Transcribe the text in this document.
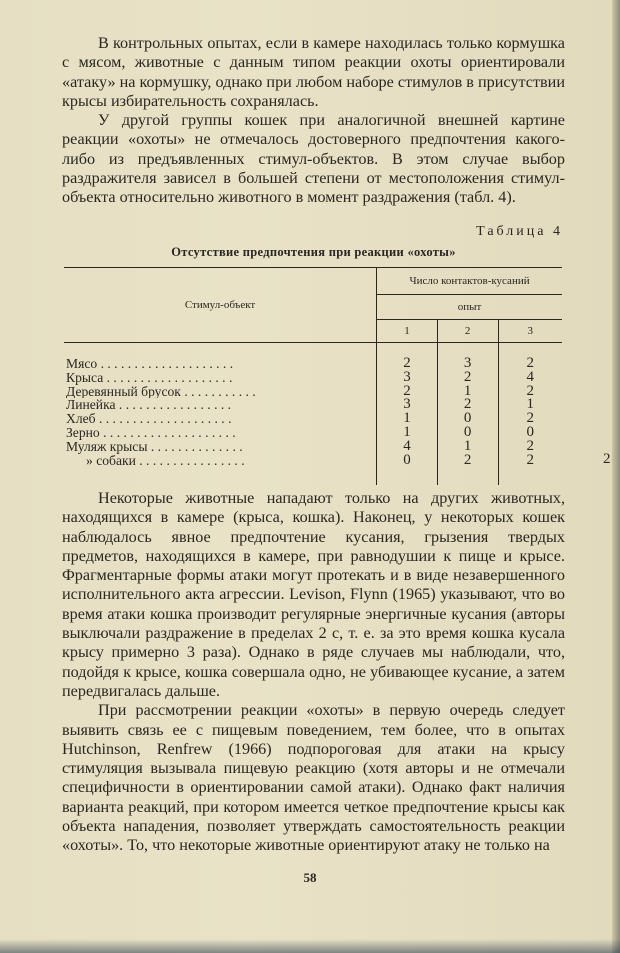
В контрольных опытах, если в камере находилась только кормушка с мясом, животные с данным типом реакции охоты ориентировали «атаку» на кормушку, однако при любом наборе стимулов в присутствии крысы избирательность сохранялась.

У другой группы кошек при аналогичной внешней картине реакции «охоты» не отмечалось достоверного предпочтения какого-либо из предъявленных стимул-объектов. В этом случае выбор раздражителя зависел в большей степени от местоположения стимул-объекта относительно животного в момент раздражения (табл. 4).

Таблица 4
Отсутствие предпочтения при реакции «охоты»
Стимул-объект	Число контактов-кусаний		
	опыт		
	1	2	3

Мясо . . . . . . . . . . . . . . . . . . . .	2	3	2
Крыса . . . . . . . . . . . . . . . . . . .	3	2	4
Деревянный брусок . . . . . . . . . . .	2	1	2
Линейка . . . . . . . . . . . . . . . . .	3	2	1
Хлеб . . . . . . . . . . . . . . . . . . . .	1	0	2
Зерно . . . . . . . . . . . . . . . . . . . .	1	0	0
Муляж крысы . . . . . . . . . . . . . .	4	1	2
» собаки . . . . . . . . . . . . . . . .	0	2	2

Некоторые животные нападают только на других животных, находящихся в камере (крыса, кошка). Наконец, у некоторых кошек наблюдалось явное предпочтение кусания, грызения твердых предметов, находящихся в камере, при равнодушии к пище и крысе. Фрагментарные формы атаки могут протекать и в виде незавершенного исполнительного акта агрессии. Levison, Flynn (1965) указывают, что во время атаки кошка производит регулярные энергичные кусания (авторы выключали раздражение в пределах 2 с, т. е. за это время кошка кусала крысу примерно 3 раза). Однако в ряде случаев мы наблюдали, что, подойдя к крысе, кошка совершала одно, не убивающее кусание, а затем передвигалась дальше.

При рассмотрении реакции «охоты» в первую очередь следует выявить связь ее с пищевым поведением, тем более, что в опытах Hutchinson, Renfrew (1966) подпороговая для атаки на крысу стимуляция вызывала пищевую реакцию (хотя авторы и не отмечали специфичности в ориентировании самой атаки). Однако факт наличия варианта реакций, при котором имеется четкое предпочтение крысы как объекта нападения, позволяет утверждать самостоятельность реакции «охоты». То, что некоторые животные ориентируют атаку не только на

58
2
